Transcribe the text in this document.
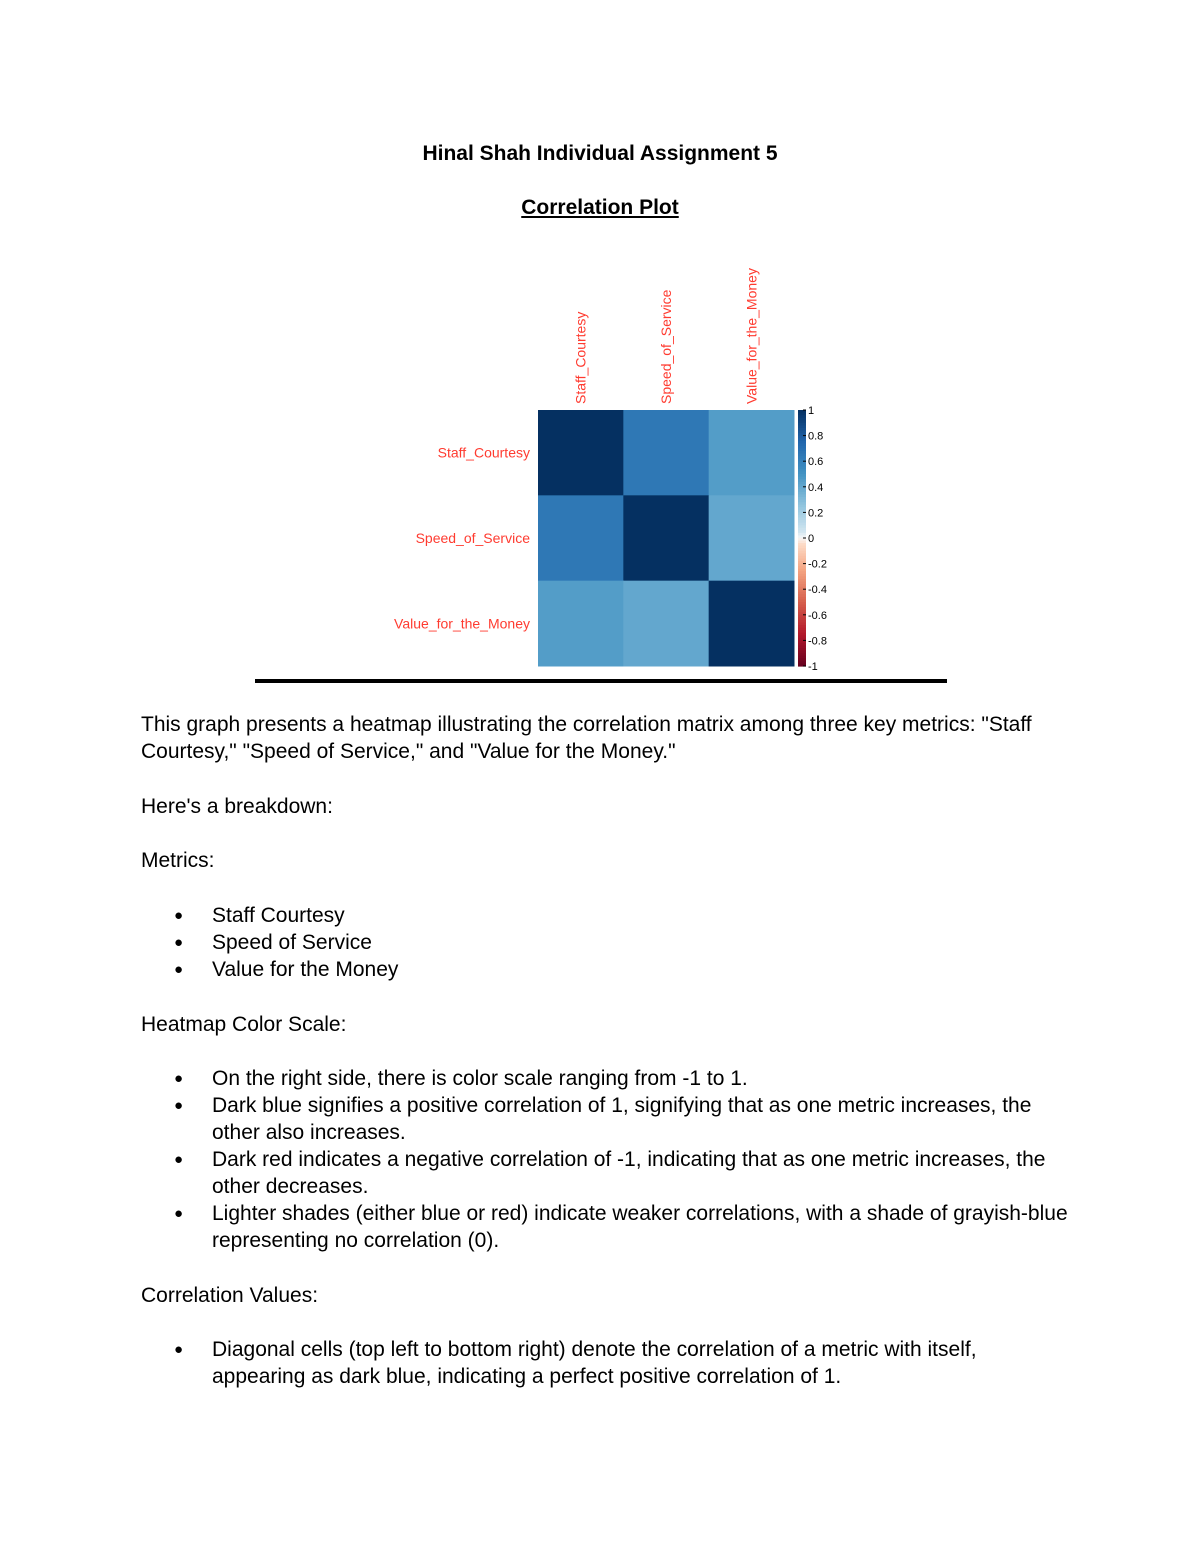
Hinal Shah Individual Assignment 5
Correlation Plot
Staff_Courtesy
Speed_of_Service
Value_for_the_Money
Staff_Courtesy	Speed_of_Service	Value_for_the_Money
1
0.8
0.6
0.4
0.2
0
-0.2
-0.4
-0.6
-0.8
-1

This graph presents a heatmap illustrating the correlation matrix among three key metrics: "Staff Courtesy," "Speed of Service," and "Value for the Money."

Here's a breakdown:

Metrics:

● Staff Courtesy
● Speed of Service
● Value for the Money

Heatmap Color Scale:

● On the right side, there is color scale ranging from -1 to 1.
● Dark blue signifies a positive correlation of 1, signifying that as one metric increases, the other also increases.
● Dark red indicates a negative correlation of -1, indicating that as one metric increases, the other decreases.
● Lighter shades (either blue or red) indicate weaker correlations, with a shade of grayish-blue representing no correlation (0).

Correlation Values:

● Diagonal cells (top left to bottom right) denote the correlation of a metric with itself, appearing as dark blue, indicating a perfect positive correlation of 1.
